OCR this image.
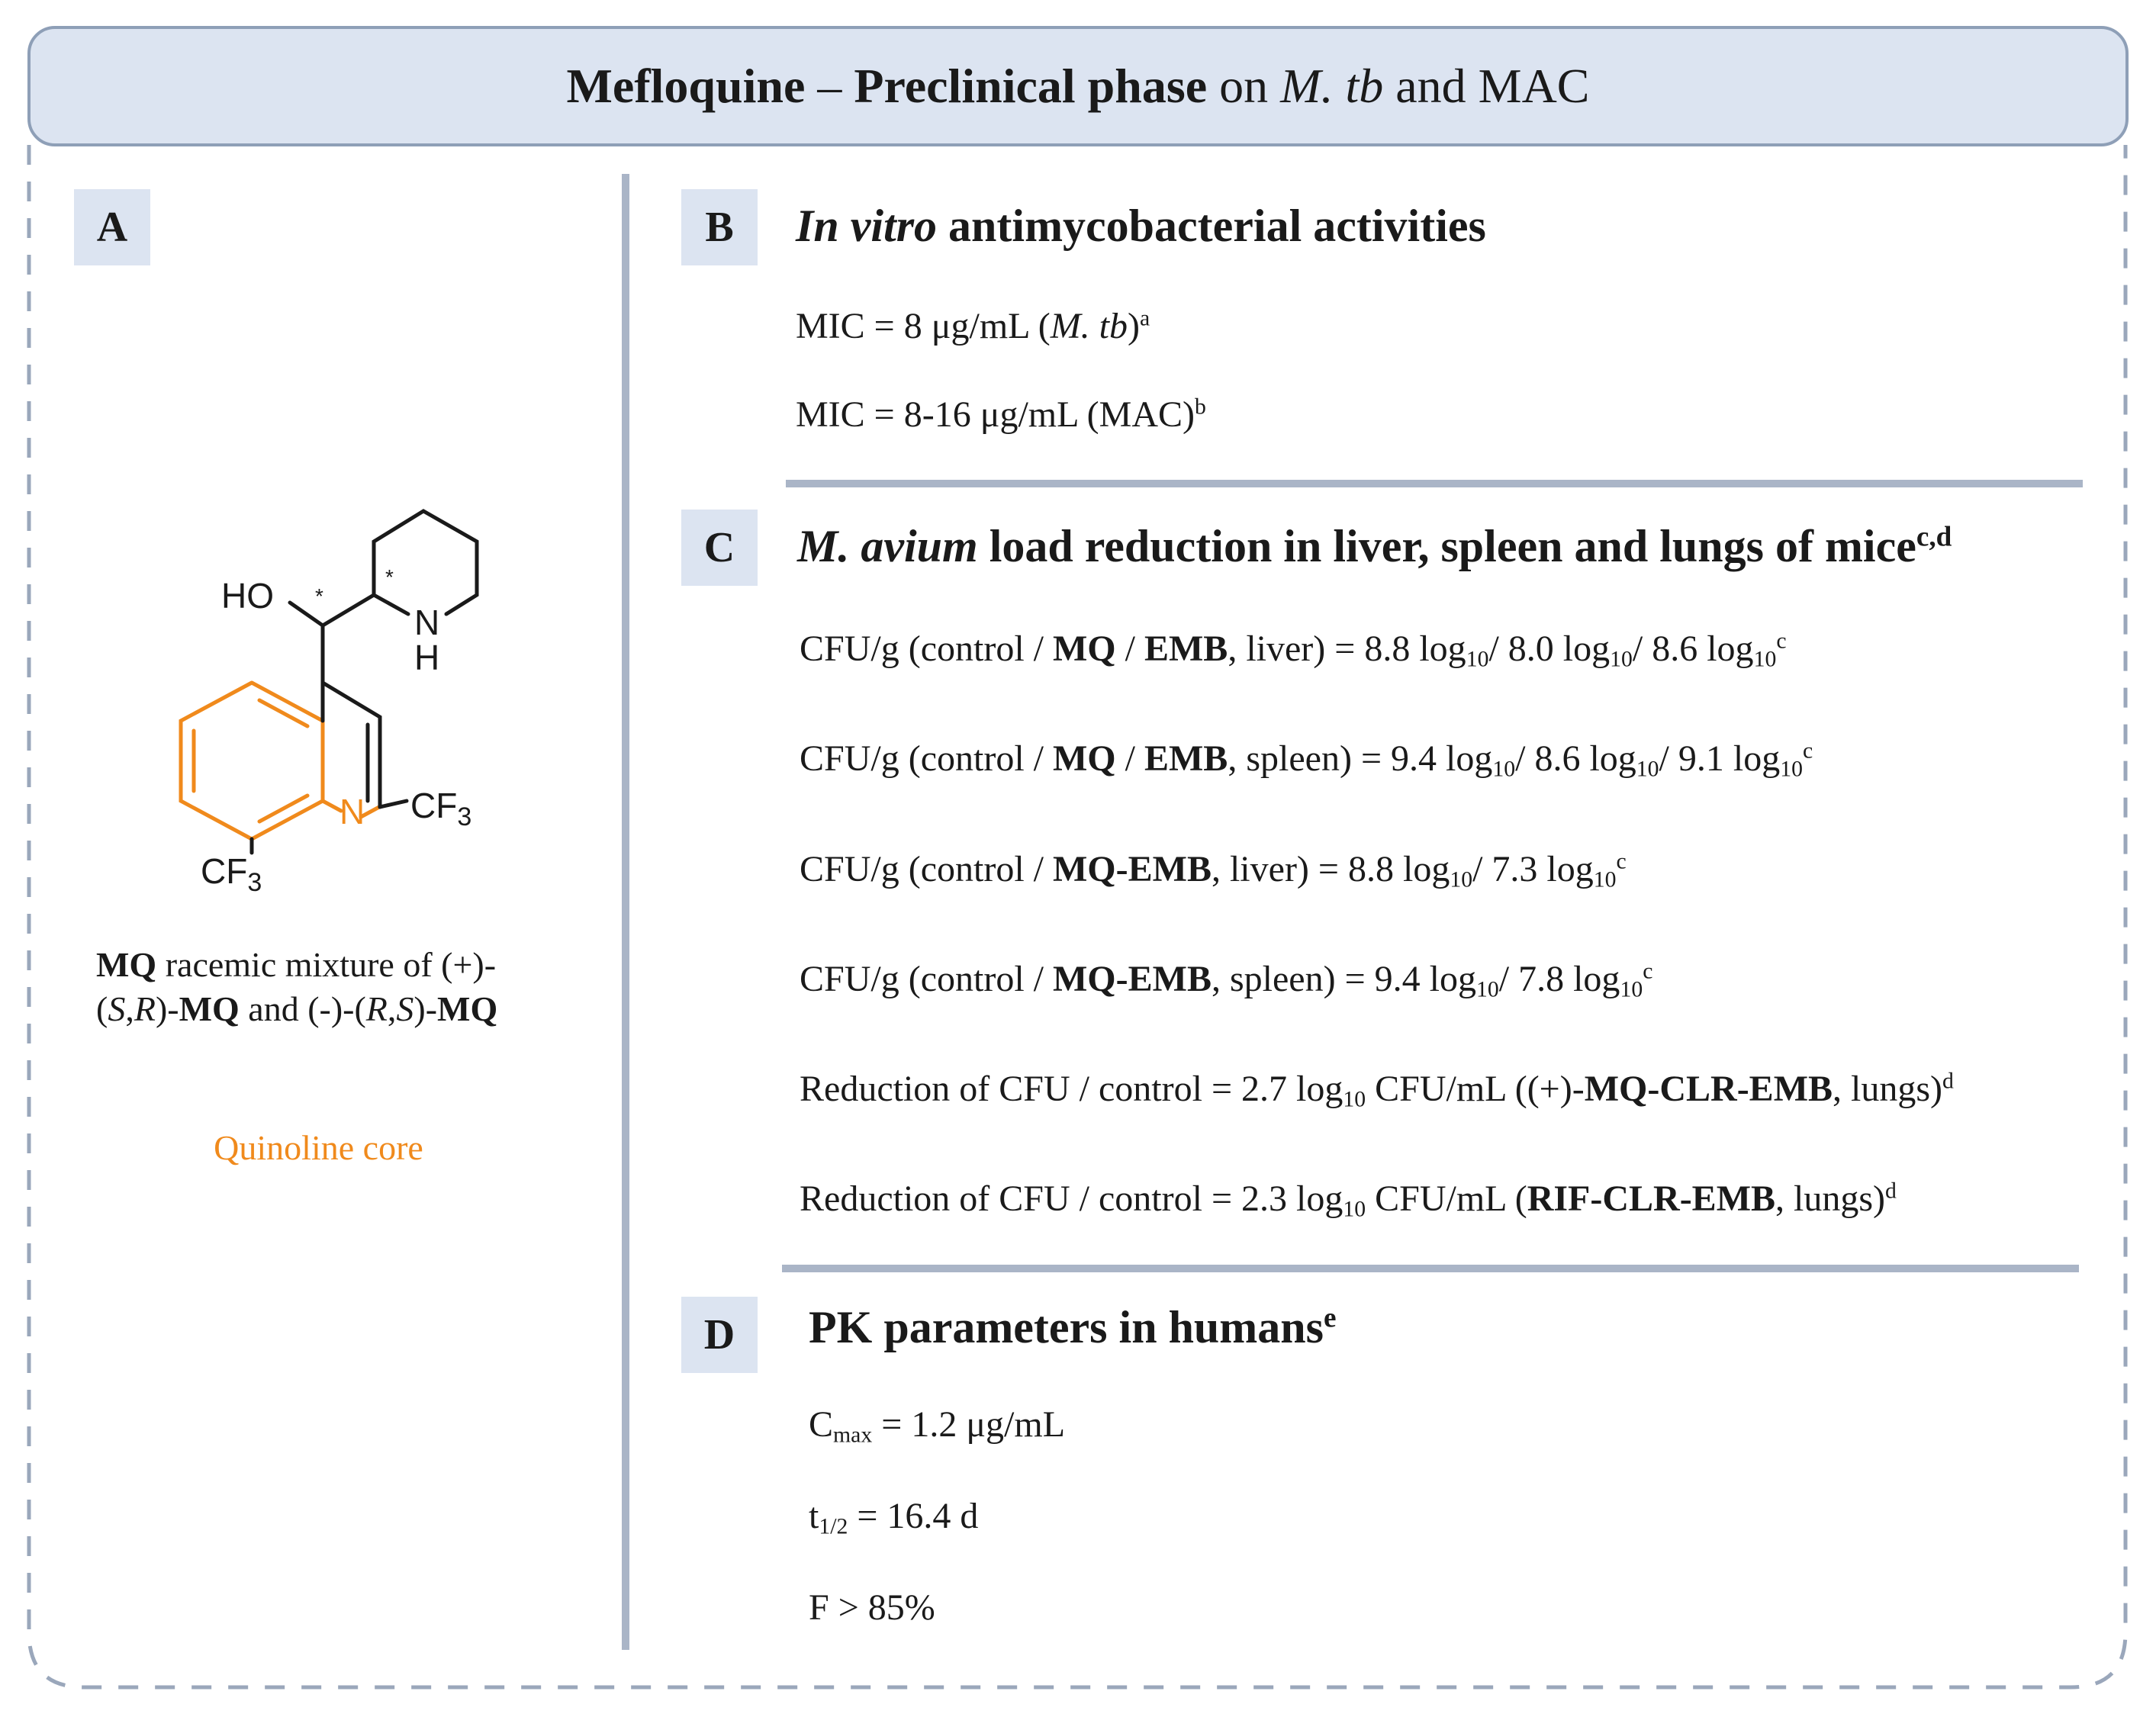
Mefloquine – Preclinical phase on M. tb and MAC
A
HO *
*
N
H
N $CF_3$
$CF_3$
MQ racemic mixture of (+)-
(S,R)-MQ and (-)-(R,S)-MQ
Quinoline core
B	In vitro antimycobacterial activities
MIC = 8 μg/mL (M. tb)$^a$
MIC = 8-16 μg/mL (MAC)$^b$
C	M. avium load reduction in liver, spleen and lungs of mice$^{c,d}$
CFU/g (control / MQ / EMB, liver) = 8.8 $\log_{10}/$ 8.0 $\log_{10}/$ 8.6 $\log_{10}^c$
CFU/g (control / MQ / EMB, spleen) = 9.4 $\log_{10}/$ 8.6 $\log_{10}/$ 9.1 $\log_{10}^c$
CFU/g (control / MQ-EMB, liver) = 8.8 $\log_{10}/$ 7.3 $\log_{10}^c$
CFU/g (control / MQ-EMB, spleen) = 9.4 $\log_{10}/$ 7.8 $\log_{10}^c$
Reduction of CFU / control = 2.7 $\log_{10} CFU/mL$ ((+)-MQ-CLR-EMB, lungs)$^d$
Reduction of CFU / control = 2.3 $\log_{10} CFU/mL$ (RIF-CLR-EMB, lungs)$^d$
D	PK parameters in humans$^e$
$C_{max} = 1.2$ μg/mL
$t_{1/2} = 16.4$ d
F > 85%
